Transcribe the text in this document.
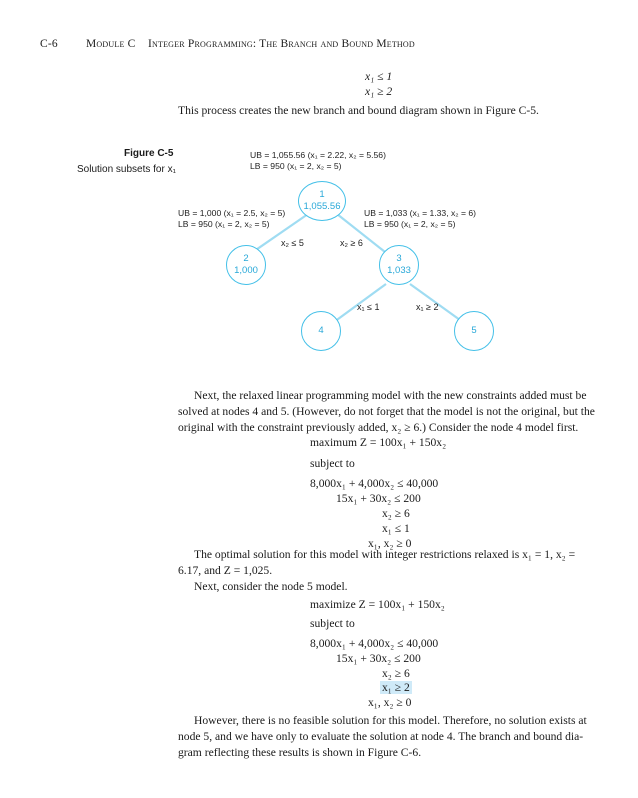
C-6 Module C Integer Programming: The Branch and Bound Method
x₁ ≤ 1
x₁ ≥ 2
This process creates the new branch and bound diagram shown in Figure C-5.
Figure C-5
Solution subsets for x₁
UB = 1,055.56 (x₁ = 2.22, x₂ = 5.56)
LB = 950 (x₁ = 2, x₂ = 5)
UB = 1,000 (x₁ = 2.5, x₂ = 5)
LB = 950 (x₁ = 2, x₂ = 5)
UB = 1,033 (x₁ = 1.33, x₂ = 6)
LB = 950 (x₁ = 2, x₂ = 5)
x₂ ≤ 5	x₂ ≥ 6
x₁ ≤ 1	x₁ ≥ 2
1
1,055.56
2
1,000
3
1,033
4	5
Next, the relaxed linear programming model with the new constraints added must be
solved at nodes 4 and 5. (However, do not forget that the model is not the original, but the
original with the constraint previously added, x₂ ≥ 6.) Consider the node 4 model first.
maximum Z = 100x₁ + 150x₂
subject to
8,000x₁ + 4,000x₂ ≤ 40,000
15x₁ + 30x₂ ≤ 200
x₂ ≥ 6
x₁ ≤ 1
x₁, x₂ ≥ 0
The optimal solution for this model with integer restrictions relaxed is x₁ = 1, x₂ =
6.17, and Z = 1,025.
Next, consider the node 5 model.
maximize Z = 100x₁ + 150x₂
subject to
8,000x₁ + 4,000x₂ ≤ 40,000
15x₁ + 30x₂ ≤ 200
x₂ ≥ 6
x₁ ≥ 2
x₁, x₂ ≥ 0
However, there is no feasible solution for this model. Therefore, no solution exists at
node 5, and we have only to evaluate the solution at node 4. The branch and bound dia-
gram reflecting these results is shown in Figure C-6.
